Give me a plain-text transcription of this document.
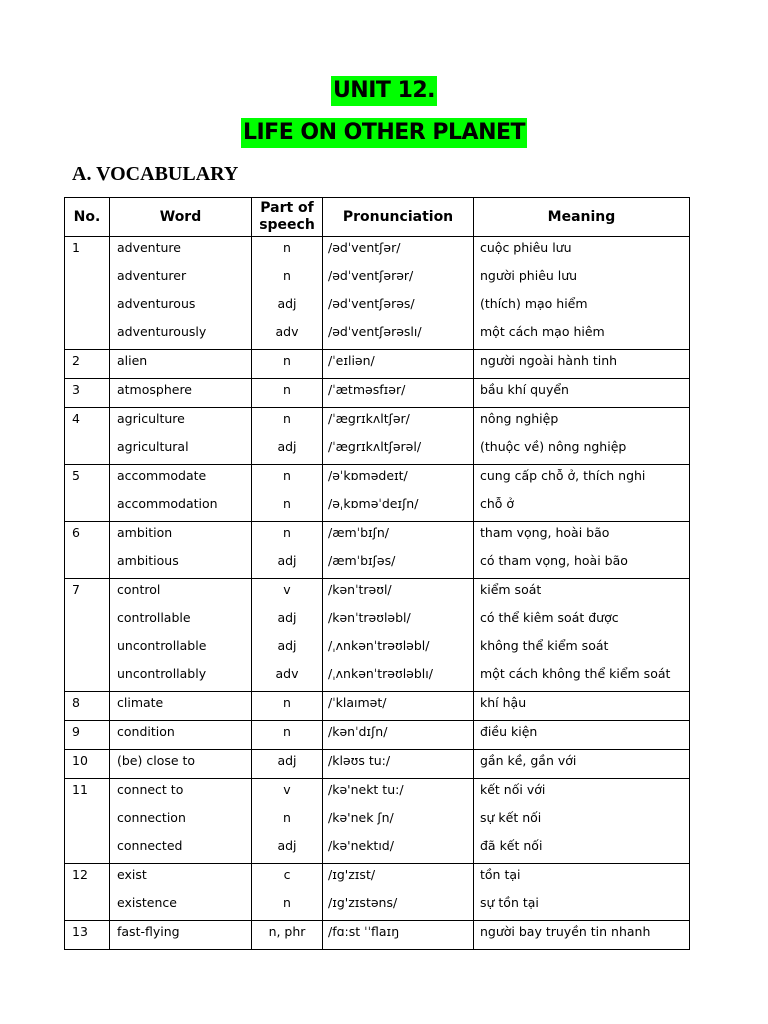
UNIT 12.
LIFE ON OTHER PLANET
A. VOCABULARY
No.	Word	Part of speech	Pronunciation	Meaning

1	adventure	n	/ədˈventʃər/	cuộc phiêu lưu

	adventurer	n	/ədˈventʃərər/	người phiêu lưu

	adventurous	adj	/ədˈventʃərəs/	(thích) mạo hiểm

	adventurously	adv	/ədˈventʃərəslı/	một cách mạo hiêm

2	alien	n	/ˈeɪliən/	người ngoài hành tinh

3	atmosphere	n	/ˈætməsfɪər/	bầu khí quyển

4	agriculture	n	/ˈægrɪkʌltʃər/	nông nghiệp

	agricultural	adj	/ˈægrɪkʌltʃərəl/	(thuộc về) nông nghiệp

5	accommodate	n	/əˈkɒmədeɪt/	cung cấp chỗ ở, thích nghi

	accommodation	n	/əˌkɒməˈdeɪʃn/	chỗ ở

6	ambition	n	/æmˈbɪʃn/	tham vọng, hoài bão

	ambitious	adj	/æmˈbɪʃəs/	có tham vọng, hoài bão

7	control	v	/kənˈtrəʊl/	kiểm soát

	controllable	adj	/kənˈtrəʊləbl/	có thể kiêm soát được

	uncontrollable	adj	/ˌʌnkənˈtrəʊləbl/	không thể kiểm soát

	uncontrollably	adv	/ˌʌnkənˈtrəʊləblı/	một cách không thể kiểm soát

8	climate	n	/ˈklaımət/	khí hậu

9	condition	n	/kənˈdɪʃn/	điều kiện

10	(be) close to	adj	/kləʊs tu:/	gần kề, gần với

11	connect to	v	/kə'nekt tu:/	kết nối với

	connection	n	/kə'nek ʃn/	sự kết nối

	connected	adj	/kə'nektıd/	đã kết nối

12	exist	c	/ɪg'zɪst/	tồn tại

	existence	n	/ɪg'zɪstəns/	sự tồn tại

13	fast-flying	n, phr	/fɑ:st ˈˈflaɪŋ	người bay truyền tin nhanh
